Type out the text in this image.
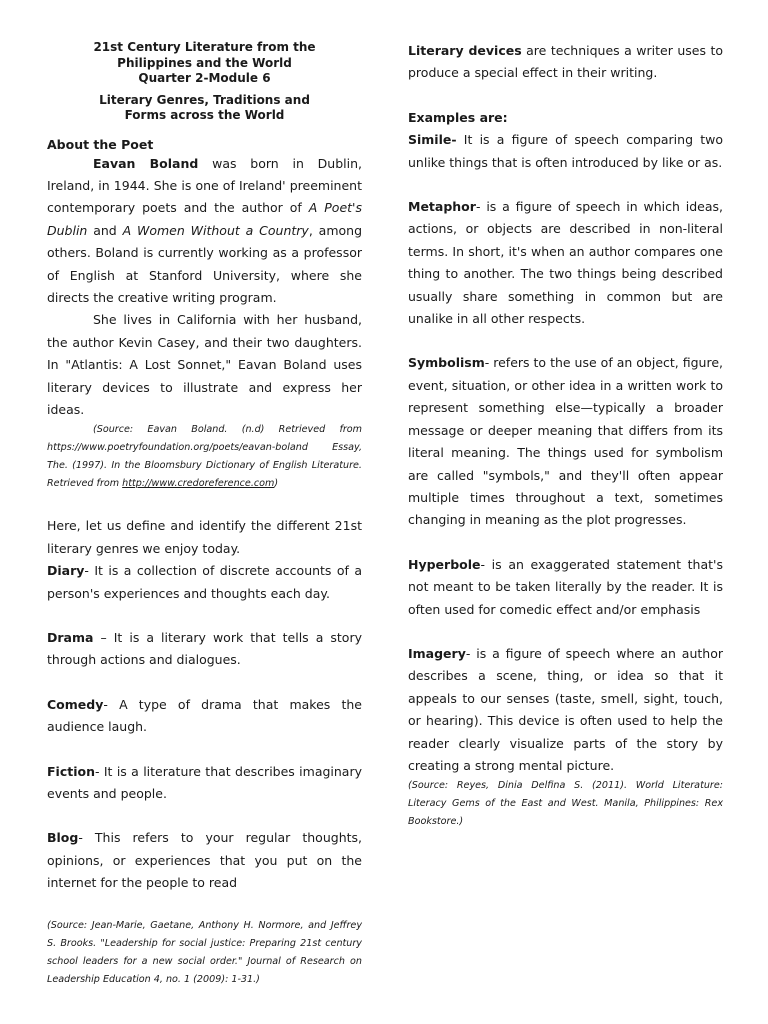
21st Century Literature from the
Philippines and the World
Quarter 2-Module 6
Literary Genres, Traditions and
Forms across the World
About the Poet

Eavan Boland was born in Dublin, Ireland, in 1944. She is one of Ireland' preeminent contemporary poets and the author of A Poet's Dublin and A Women Without a Country, among others. Boland is currently working as a professor of English at Stanford University, where she directs the creative writing program.

She lives in California with her husband, the author Kevin Casey, and their two daughters. In "Atlantis: A Lost Sonnet," Eavan Boland uses literary devices to illustrate and express her ideas.

(Source: Eavan Boland. (n.d) Retrieved from https://www.poetryfoundation.org/poets/eavan-boland Essay, The. (1997). In the Bloomsbury Dictionary of English Literature. Retrieved from http://www.credoreference.com)

Here, let us define and identify the different 21st literary genres we enjoy today.

Diary- It is a collection of discrete accounts of a person's experiences and thoughts each day.

Drama – It is a literary work that tells a story through actions and dialogues.

Comedy- A type of drama that makes the audience laugh.

Fiction- It is a literature that describes imaginary events and people.

Blog- This refers to your regular thoughts, opinions, or experiences that you put on the internet for the people to read

(Source: Jean-Marie, Gaetane, Anthony H. Normore, and Jeffrey S. Brooks. "Leadership for social justice: Preparing 21st century school leaders for a new social order." Journal of Research on Leadership Education 4, no. 1 (2009): 1-31.)

Literary devices are techniques a writer uses to produce a special effect in their writing.

Examples are:

Simile- It is a figure of speech comparing two unlike things that is often introduced by like or as.

Metaphor- is a figure of speech in which ideas, actions, or objects are described in non-literal terms. In short, it's when an author compares one thing to another. The two things being described usually share something in common but are unalike in all other respects.

Symbolism- refers to the use of an object, figure, event, situation, or other idea in a written work to represent something else—typically a broader message or deeper meaning that differs from its literal meaning. The things used for symbolism are called "symbols," and they'll often appear multiple times throughout a text, sometimes changing in meaning as the plot progresses.

Hyperbole- is an exaggerated statement that's not meant to be taken literally by the reader. It is often used for comedic effect and/or emphasis

Imagery- is a figure of speech where an author describes a scene, thing, or idea so that it appeals to our senses (taste, smell, sight, touch, or hearing). This device is often used to help the reader clearly visualize parts of the story by creating a strong mental picture.

(Source: Reyes, Dinia Delfina S. (2011). World Literature: Literacy Gems of the East and West. Manila, Philippines: Rex Bookstore.)
